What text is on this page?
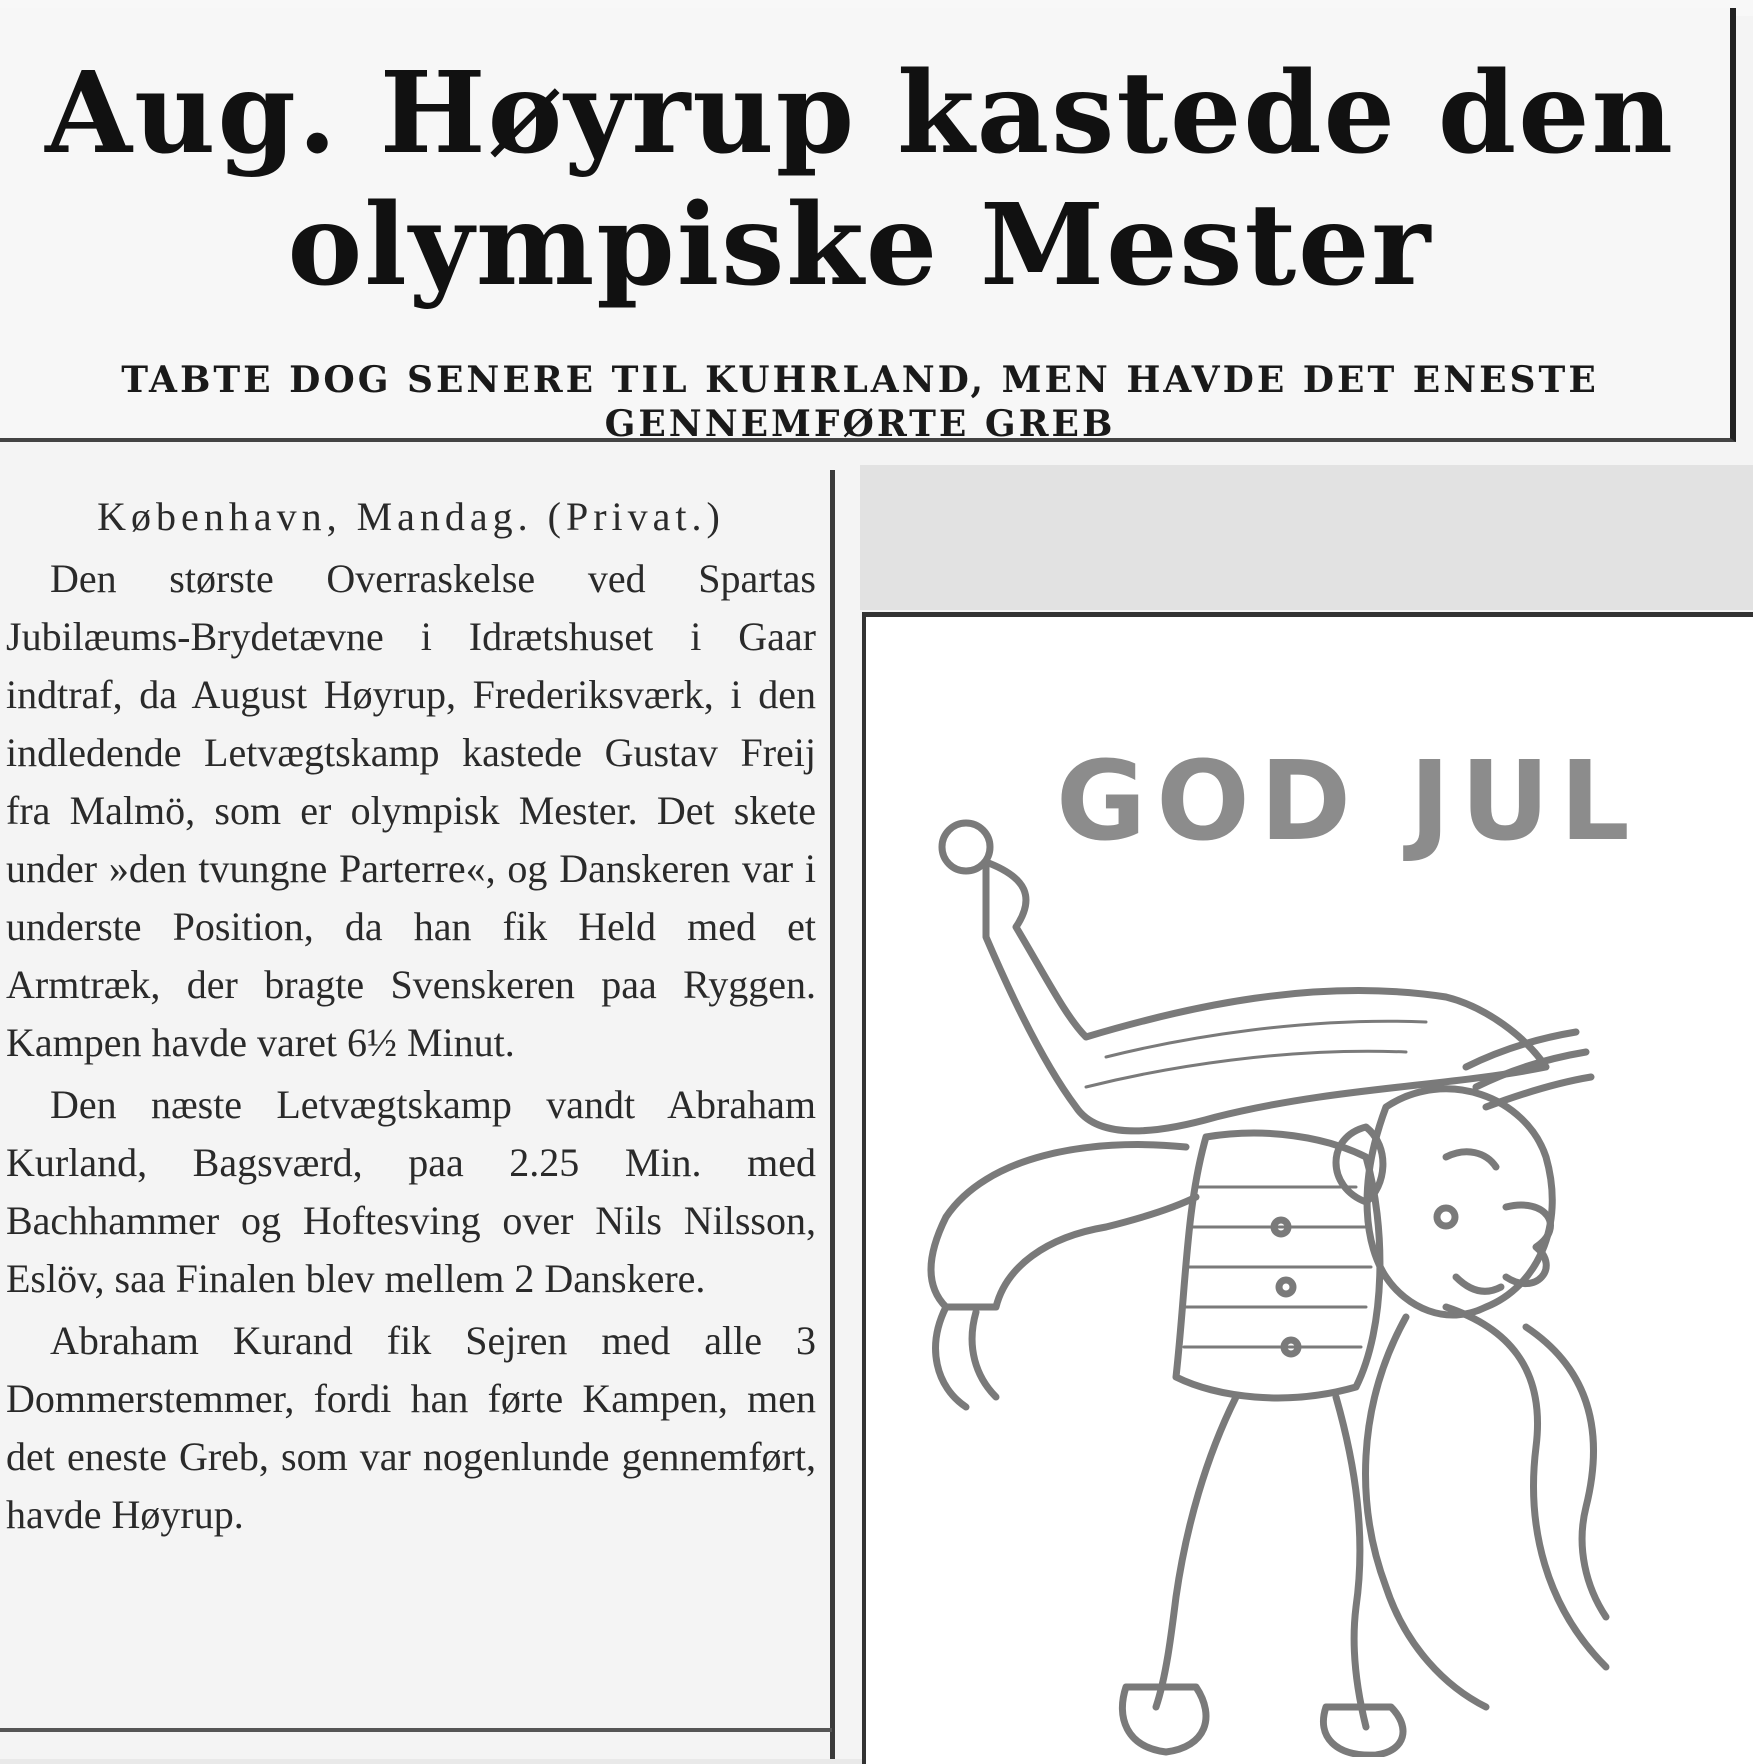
Aug. Høyrup kastede den
olympiske Mester
TABTE DOG SENERE TIL KUHRLAND, MEN HAVDE DET ENESTE
GENNEMFØRTE GREB

København, Mandag. (Privat.)

Den største Overraskelse ved Spartas Jubilæums-Brydetævne i Idrætshuset i Gaar indtraf, da August Høyrup, Frederiksværk, i den indledende Letvægtskamp kastede Gustav Freij fra Malmö, som er olympisk Mester. Det skete under »den tvungne Parterre«, og Danskeren var i underste Position, da han fik Held med et Armtræk, der bragte Svenskeren paa Ryggen. Kampen havde varet 6½ Minut.

Den næste Letvægtskamp vandt Abraham Kurland, Bagsværd, paa 2.25 Min. med Bachhammer og Hoftesving over Nils Nilsson, Eslöv, saa Finalen blev mellem 2 Danskere.

Abraham Kurand fik Sejren med alle 3 Dommerstemmer, fordi han førte Kampen, men det eneste Greb, som var nogenlunde gennemført, havde Høyrup.

GOD JUL
